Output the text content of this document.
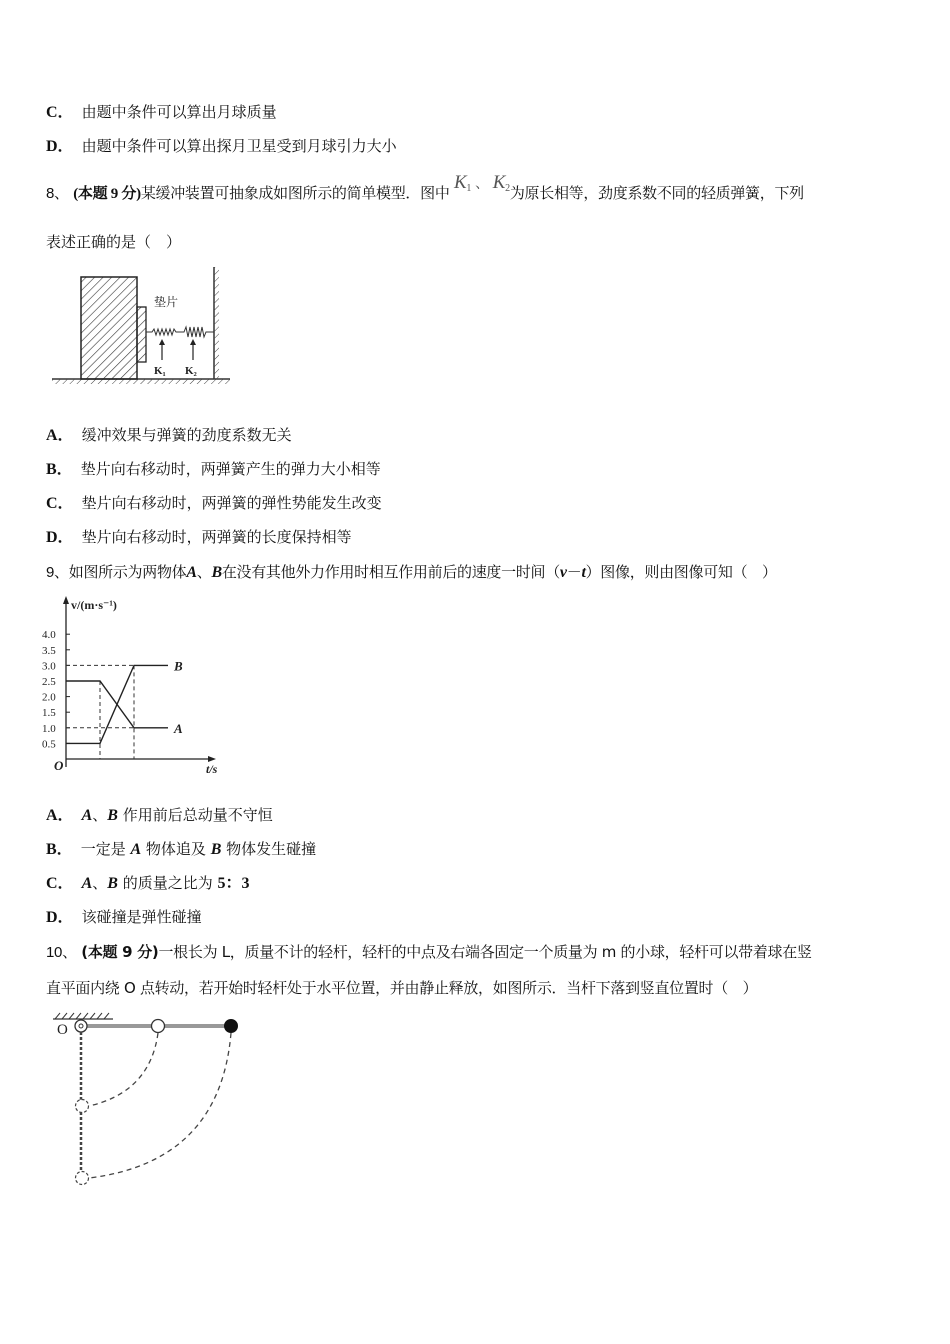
C． 由题中条件可以算出月球质量
D． 由题中条件可以算出探月卫星受到月球引力大小
8、 (本题 9 分)某缓冲装置可抽象成如图所示的简单模型．图中 $K_1$ 、 $K_2$为原长相等，劲度系数不同的轻质弹簧，下列
表述正确的是（　）
K₁ K₂
垫片
A． 缓冲效果与弹簧的劲度系数无关
B． 垫片向右移动时，两弹簧产生的弹力大小相等
C． 垫片向右移动时，两弹簧的弹性势能发生改变
D． 垫片向右移动时，两弹簧的长度保持相等
9、如图所示为两物体A、B在没有其他外力作用时相互作用前后的速度一时间（v－t）图像，则由图像可知（　）
v/(m·s⁻¹)
t/s
O
0.5
1.0
1.5
2.0
2.5
3.0
3.5
4.0
A
B
A． A、B 作用前后总动量不守恒
B． 一定是 A 物体追及 B 物体发生碰撞
C． A、B 的质量之比为 5：3
D． 该碰撞是弹性碰撞
10、 (本题 9 分)一根长为 L，质量不计的轻杆，轻杆的中点及右端各固定一个质量为 m 的小球，轻杆可以带着球在竖
直平面内绕 O 点转动，若开始时轻杆处于水平位置，并由静止释放，如图所示．当杆下落到竖直位置时（　）
O
